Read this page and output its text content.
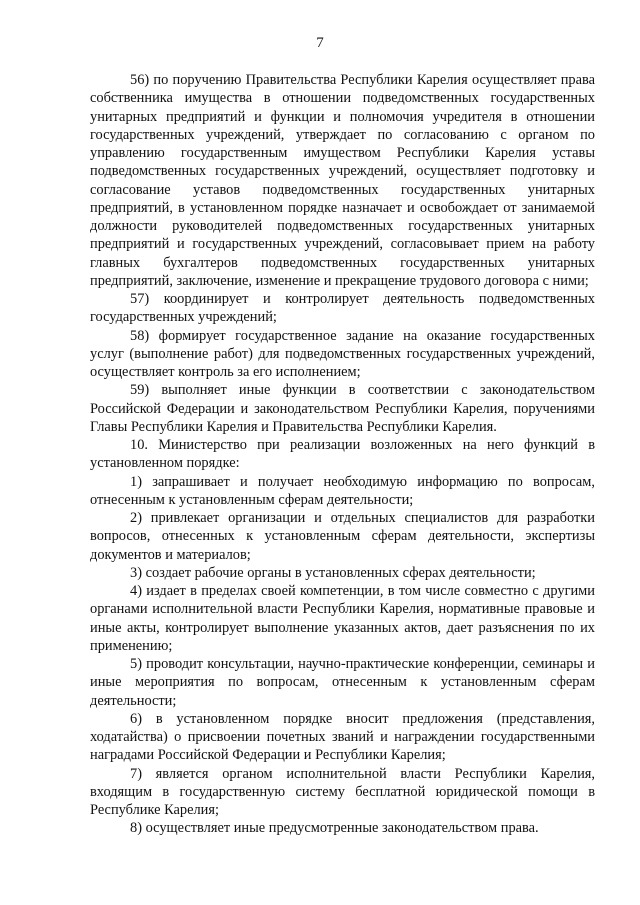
7

56) по поручению Правительства Республики Карелия осуществляет права собственника имущества в отношении подведомственных государственных унитарных предприятий и функции и полномочия учредителя в отношении государственных учреждений, утверждает по согласованию с органом по управлению государственным имуществом Республики Карелия уставы подведомственных государственных учреждений, осуществляет подготовку и согласование уставов подведомственных государственных унитарных предприятий, в установленном порядке назначает и освобождает от занимаемой должности руководителей подведомственных государственных унитарных предприятий и государственных учреждений, согласовывает прием на работу главных бухгалтеров подведомственных государственных унитарных предприятий, заключение, изменение и прекращение трудового договора с ними;

57) координирует и контролирует деятельность подведомственных государственных учреждений;

58) формирует государственное задание на оказание государственных услуг (выполнение работ) для подведомственных государственных учреждений, осуществляет контроль за его исполнением;

59) выполняет иные функции в соответствии с законодательством Российской Федерации и законодательством Республики Карелия, поручениями Главы Республики Карелия и Правительства Республики Карелия.

10. Министерство при реализации возложенных на него функций в установленном порядке:

1) запрашивает и получает необходимую информацию по вопросам, отнесенным к установленным сферам деятельности;

2) привлекает организации и отдельных специалистов для разработки вопросов, отнесенных к установленным сферам деятельности, экспертизы документов и материалов;

3) создает рабочие органы в установленных сферах деятельности;

4) издает в пределах своей компетенции, в том числе совместно с другими органами исполнительной власти Республики Карелия, нормативные правовые и иные акты, контролирует выполнение указанных актов, дает разъяснения по их применению;

5) проводит консультации, научно-практические конференции, семинары и иные мероприятия по вопросам, отнесенным к установленным сферам деятельности;

6) в установленном порядке вносит предложения (представления, ходатайства) о присвоении почетных званий и награждении государственными наградами Российской Федерации и Республики Карелия;

7) является органом исполнительной власти Республики Карелия, входящим в государственную систему бесплатной юридической помощи в Республике Карелия;

8) осуществляет иные предусмотренные законодательством права.
